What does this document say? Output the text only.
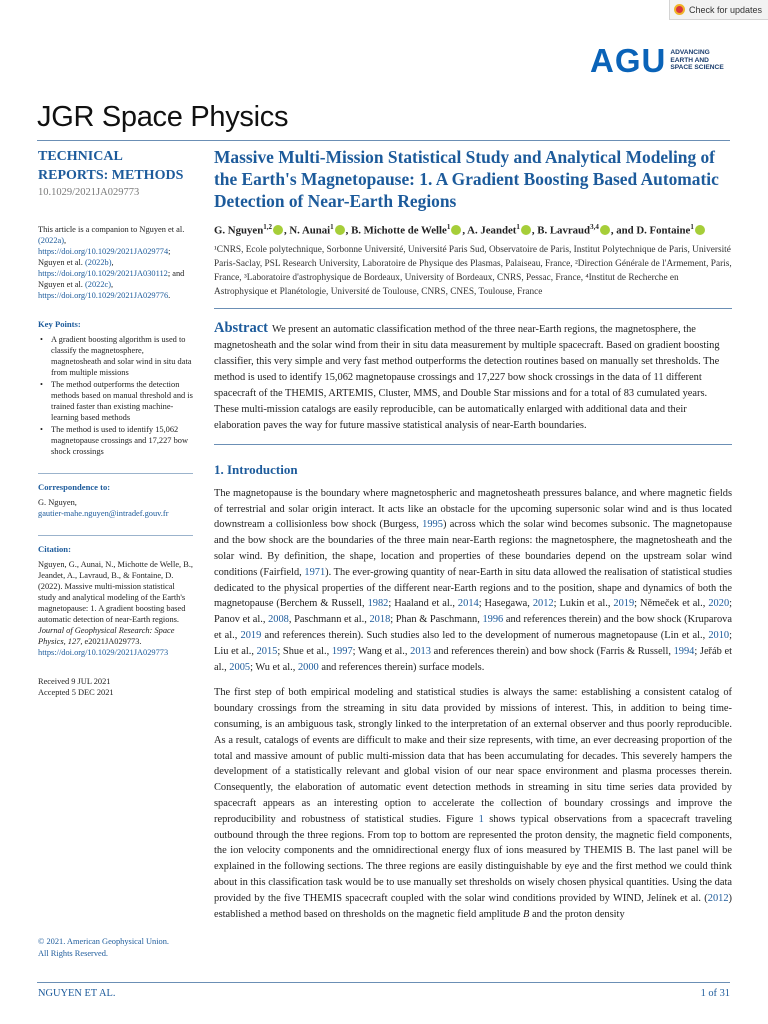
Check for updates
AGU ADVANCING
EARTH AND
SPACE SCIENCE
JGR Space Physics
TECHNICAL
REPORTS: METHODS
10.1029/2021JA029773

This article is a companion to Nguyen et al. (2022a), https://doi.org/10.1029/2021JA029774; Nguyen et al. (2022b), https://doi.org/10.1029/2021JA030112; and Nguyen et al. (2022c), https://doi.org/10.1029/2021JA029776.

Key Points:
• A gradient boosting algorithm is used to classify the magnetosphere, magnetosheath and solar wind in situ data from multiple missions
• The method outperforms the detection methods based on manual threshold and is trained faster than existing machine-learning based methods
• The method is used to identify 15,062 magnetopause crossings and 17,227 bow shock crossings
Correspondence to:
G. Nguyen,
gautier-mahe.nguyen@intradef.gouv.fr
Citation:

Nguyen, G., Aunai, N., Michotte de Welle, B., Jeandet, A., Lavraud, B., & Fontaine, D. (2022). Massive multi-mission statistical study and analytical modeling of the Earth's magnetopause: 1. A gradient boosting based automatic detection of near-Earth regions. Journal of Geophysical Research: Space Physics, 127, e2021JA029773. https://doi.org/10.1029/2021JA029773

Received 9 JUL 2021
Accepted 5 DEC 2021
© 2021. American Geophysical Union.
All Rights Reserved.
Massive Multi-Mission Statistical Study and Analytical Modeling of the Earth's Magnetopause: 1. A Gradient Boosting Based Automatic Detection of Near-Earth Regions
G. Nguyen$^{1,2}$ , N. Aunai$^1$ , B. Michotte de Welle$^1$ , A. Jeandet$^1$ , B. Lavraud$^{3,4}$ , and D. Fontaine$^1$

¹CNRS, Ecole polytechnique, Sorbonne Université, Université Paris Sud, Observatoire de Paris, Institut Polytechnique de Paris, Université Paris-Saclay, PSL Research University, Laboratoire de Physique des Plasmas, Palaiseau, France, ²Direction Générale de l'Armement, Paris, France, ³Laboratoire d'astrophysique de Bordeaux, University of Bordeaux, CNRS, Pessac, France, ⁴Institut de Recherche en Astrophysique et Planétologie, Université de Toulouse, CNRS, CNES, Toulouse, France

Abstract We present an automatic classification method of the three near-Earth regions, the magnetosphere, the magnetosheath and the solar wind from their in situ data measurement by multiple spacecraft. Based on gradient boosting classifier, this very simple and very fast method outperforms the detection routines based on manually set thresholds. The method is used to identify 15,062 magnetopause crossings and 17,227 bow shock crossings in the data of 11 different spacecraft of the THEMIS, ARTEMIS, Cluster, MMS, and Double Star missions and for a total of 83 cumulated years. These multi-mission catalogs are easily reproducible, can be automatically enlarged with additional data and their elaboration paves the way for future massive statistical analysis of near-Earth boundaries.

1. Introduction

The magnetopause is the boundary where magnetospheric and magnetosheath pressures balance, and where magnetic fields of terrestrial and solar origin interact. It acts like an obstacle for the upcoming supersonic solar wind and is thus located downstream a collisionless bow shock (Burgess, 1995) across which the solar wind becomes subsonic. The magnetopause and the bow shock are the boundaries of the three main near-Earth regions: the magnetosphere, the magnetosheath and the solar wind. By definition, the shape, location and properties of these boundaries depend on the upstream solar wind conditions (Fairfield, 1971). The ever-growing quantity of near-Earth in situ data allowed the realisation of statistical studies dedicated to the physical properties of the different near-Earth regions and to the position, shape and dynamics of both the magnetopause (Berchem & Russell, 1982; Haaland et al., 2014; Hasegawa, 2012; Lukin et al., 2019; Němeček et al., 2020; Panov et al., 2008, Paschmann et al., 2018; Phan & Paschmann, 1996 and references therein) and the bow shock (Kruparova et al., 2019 and references therein). Such studies also led to the development of numerous magnetopause (Lin et al., 2010; Liu et al., 2015; Shue et al., 1997; Wang et al., 2013 and references therein) and bow shock (Farris & Russell, 1994; Jeřáb et al., 2005; Wu et al., 2000 and references therein) surface models.

The first step of both empirical modeling and statistical studies is always the same: establishing a consistent catalog of boundary crossings from the streaming in situ data provided by missions of interest. This, in addition to being time-consuming, is an ambiguous task, strongly linked to the interpretation of an external observer and thus poorly reproducible. As a result, catalogs of events are difficult to make and their size represents, with time, an ever decreasing proportion of the total and massive amount of public multi-mission data that has been accumulating for decades. This severely hampers the development of a statistically relevant and global vision of our near space environment and plasma processes therein. Consequently, the elaboration of automatic event detection methods in streaming in situ time series data provided by spacecraft appears as an interesting option to accelerate the collection of boundary crossings and improve the reproducibility and robustness of statistical studies. Figure 1 shows typical observations from a spacecraft traveling outbound through the three regions. From top to bottom are represented the proton density, the magnetic field components, the ion velocity components and the omnidirectional energy flux of ions measured by THEMIS B. The last panel will be explained in the following sections. The three regions are easily distinguishable by eye and the first method we could think about in this classification task would be to use manually set thresholds on wisely chosen physical quantities. Using the data provided by the five THEMIS spacecraft coupled with the solar wind conditions provided by WIND, Jelínek et al. (2012) established a method based on thresholds on the magnetic field amplitude B and the proton density

NGUYEN ET AL.	1 of 31
